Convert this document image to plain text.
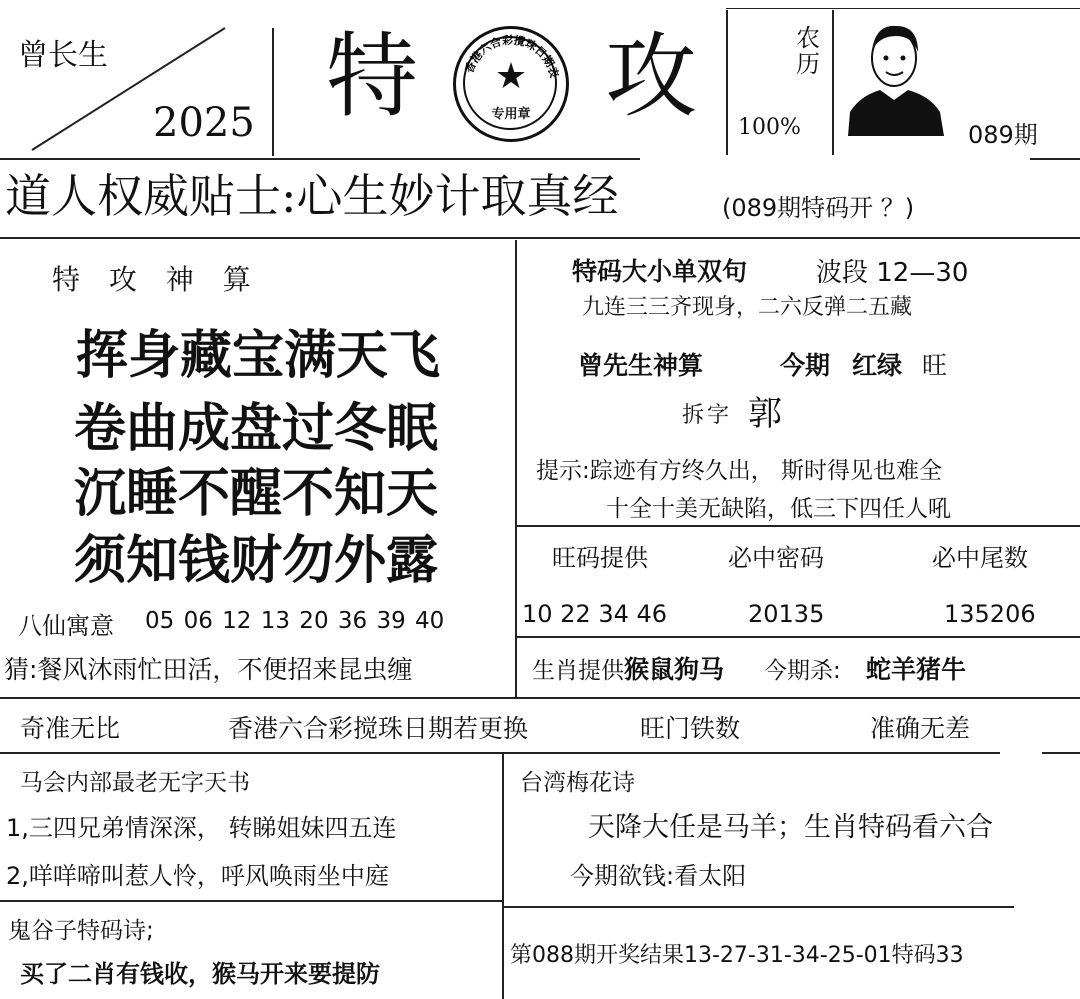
曾长生
2025 特	香港六合彩攪珠日期表
★
专用章 攻	农
历
100%	089期
道人权威贴士:心生妙计取真经	(089期特码开 ？)
特 攻 神 算
挥身藏宝满天飞
卷曲成盘过冬眠
沉睡不醒不知天
须知钱财勿外露
八仙寓意 05 06 12 13 20 36 39 40
猜:餐风沐雨忙田活，不便招来昆虫缠
特码大小单双句	波段 12—30
九连三三齐现身，二六反弹二五藏
曾先生神算	今期 红绿 旺
拆字 郭
提示:踪迹有方终久出， 斯时得见也难全
十全十美无缺陷，低三下四任人吼
旺码提供	必中密码	必中尾数
10 22 34 46	20135	135206
生肖提供 猴鼠狗马 今期杀: 蛇羊猪牛
奇准无比	香港六合彩搅珠日期若更换	旺门铁数	准确无差
马会内部最老无字天书
1,三四兄弟情深深， 转睇姐妹四五连
2,咩咩啼叫惹人怜，呼风唤雨坐中庭
台湾梅花诗
天降大任是马羊；生肖特码看六合
今期欲钱:看太阳
鬼谷子特码诗;
买了二肖有钱收，猴马开来要提防
第088期开奖结果13-27-31-34-25-01特码33
